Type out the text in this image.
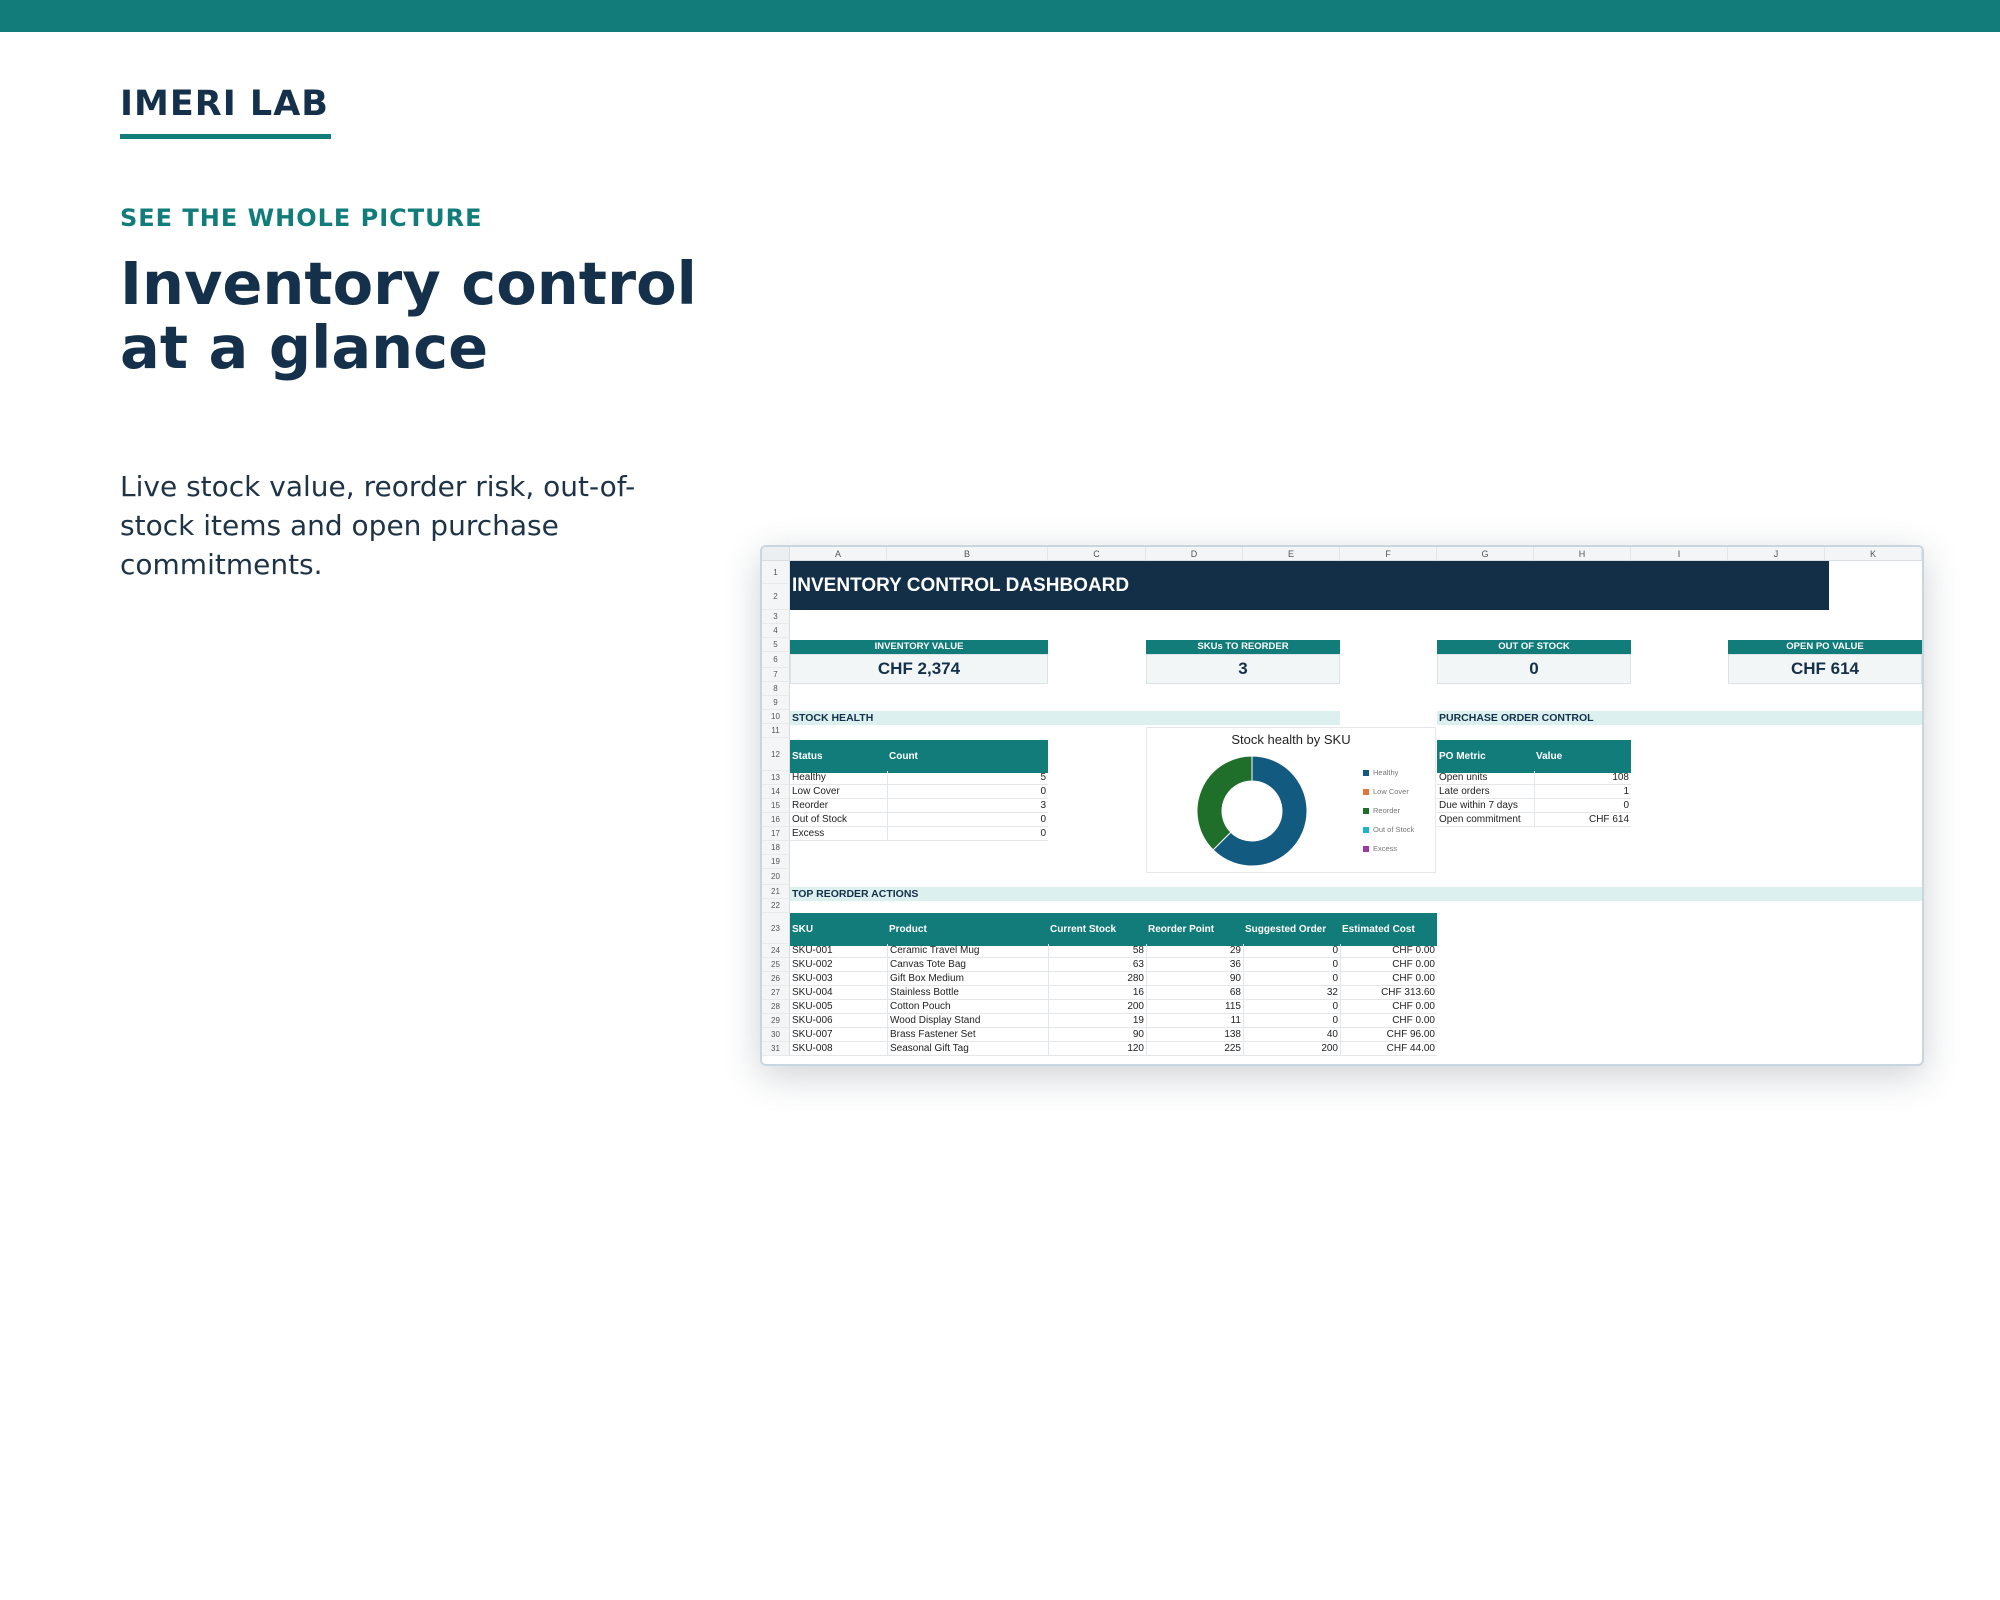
IMERI LAB
SEE THE WHOLE PICTURE
Inventory control
at a glance
Live stock value, reorder risk, out-of-stock items and open purchase commitments.
INVENTORY CONTROL DASHBOARD
INVENTORY VALUE
CHF 2,374
SKUs TO REORDER
3
OUT OF STOCK
0
OPEN PO VALUE
CHF 614
STOCK HEALTH	PURCHASE ORDER CONTROL
Status	Count	PO Metric	Value
Stock health by SKU
Healthy
Low Cover
Reorder
Out of Stock
Excess
TOP REORDER ACTIONS
A	B	C	D	E	F	G	H	I	J	K
1
2
3
4
5
6
7
8
9
10
11
12
13
14
15
16
17
18
19
20
21
22
23
24
25
26
27
28
29
30
31
Healthy	5
Low Cover	0
Reorder	3
Out of Stock	0
Excess	0
Open units	108
Late orders	1
Due within 7 days	0
Open commitment	CHF 614
SKU	Product	Current Stock	Reorder Point	Suggested Order	Estimated Cost
SKU-001	Ceramic Travel Mug	58	29	0	CHF 0.00
SKU-002	Canvas Tote Bag	63	36	0	CHF 0.00
SKU-003	Gift Box Medium	280	90	0	CHF 0.00
SKU-004	Stainless Bottle	16	68	32	CHF 313.60
SKU-005	Cotton Pouch	200	115	0	CHF 0.00
SKU-006	Wood Display Stand	19	11	0	CHF 0.00
SKU-007	Brass Fastener Set	90	138	40	CHF 96.00
SKU-008	Seasonal Gift Tag	120	225	200	CHF 44.00
